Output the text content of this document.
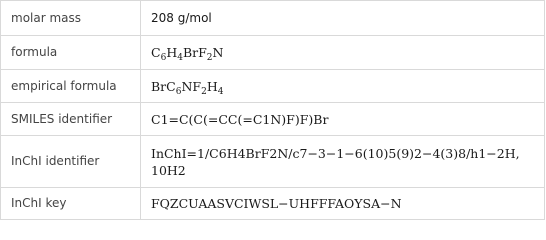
molar mass	208 g/mol
formula	$C_6H_4BrF_2N$
empirical formula	$BrC_6NF_2H_4$
SMILES identifier	C1=C(C(=CC(=C1N)F)F)Br
InChI identifier	InChI=1/C6H4BrF2N/c7−3−1−6(10)5(9)2−4(3)8/h1−2H,
10H2
InChI key	FQZCUAASVCIWSL−UHFFFAOYSA−N
